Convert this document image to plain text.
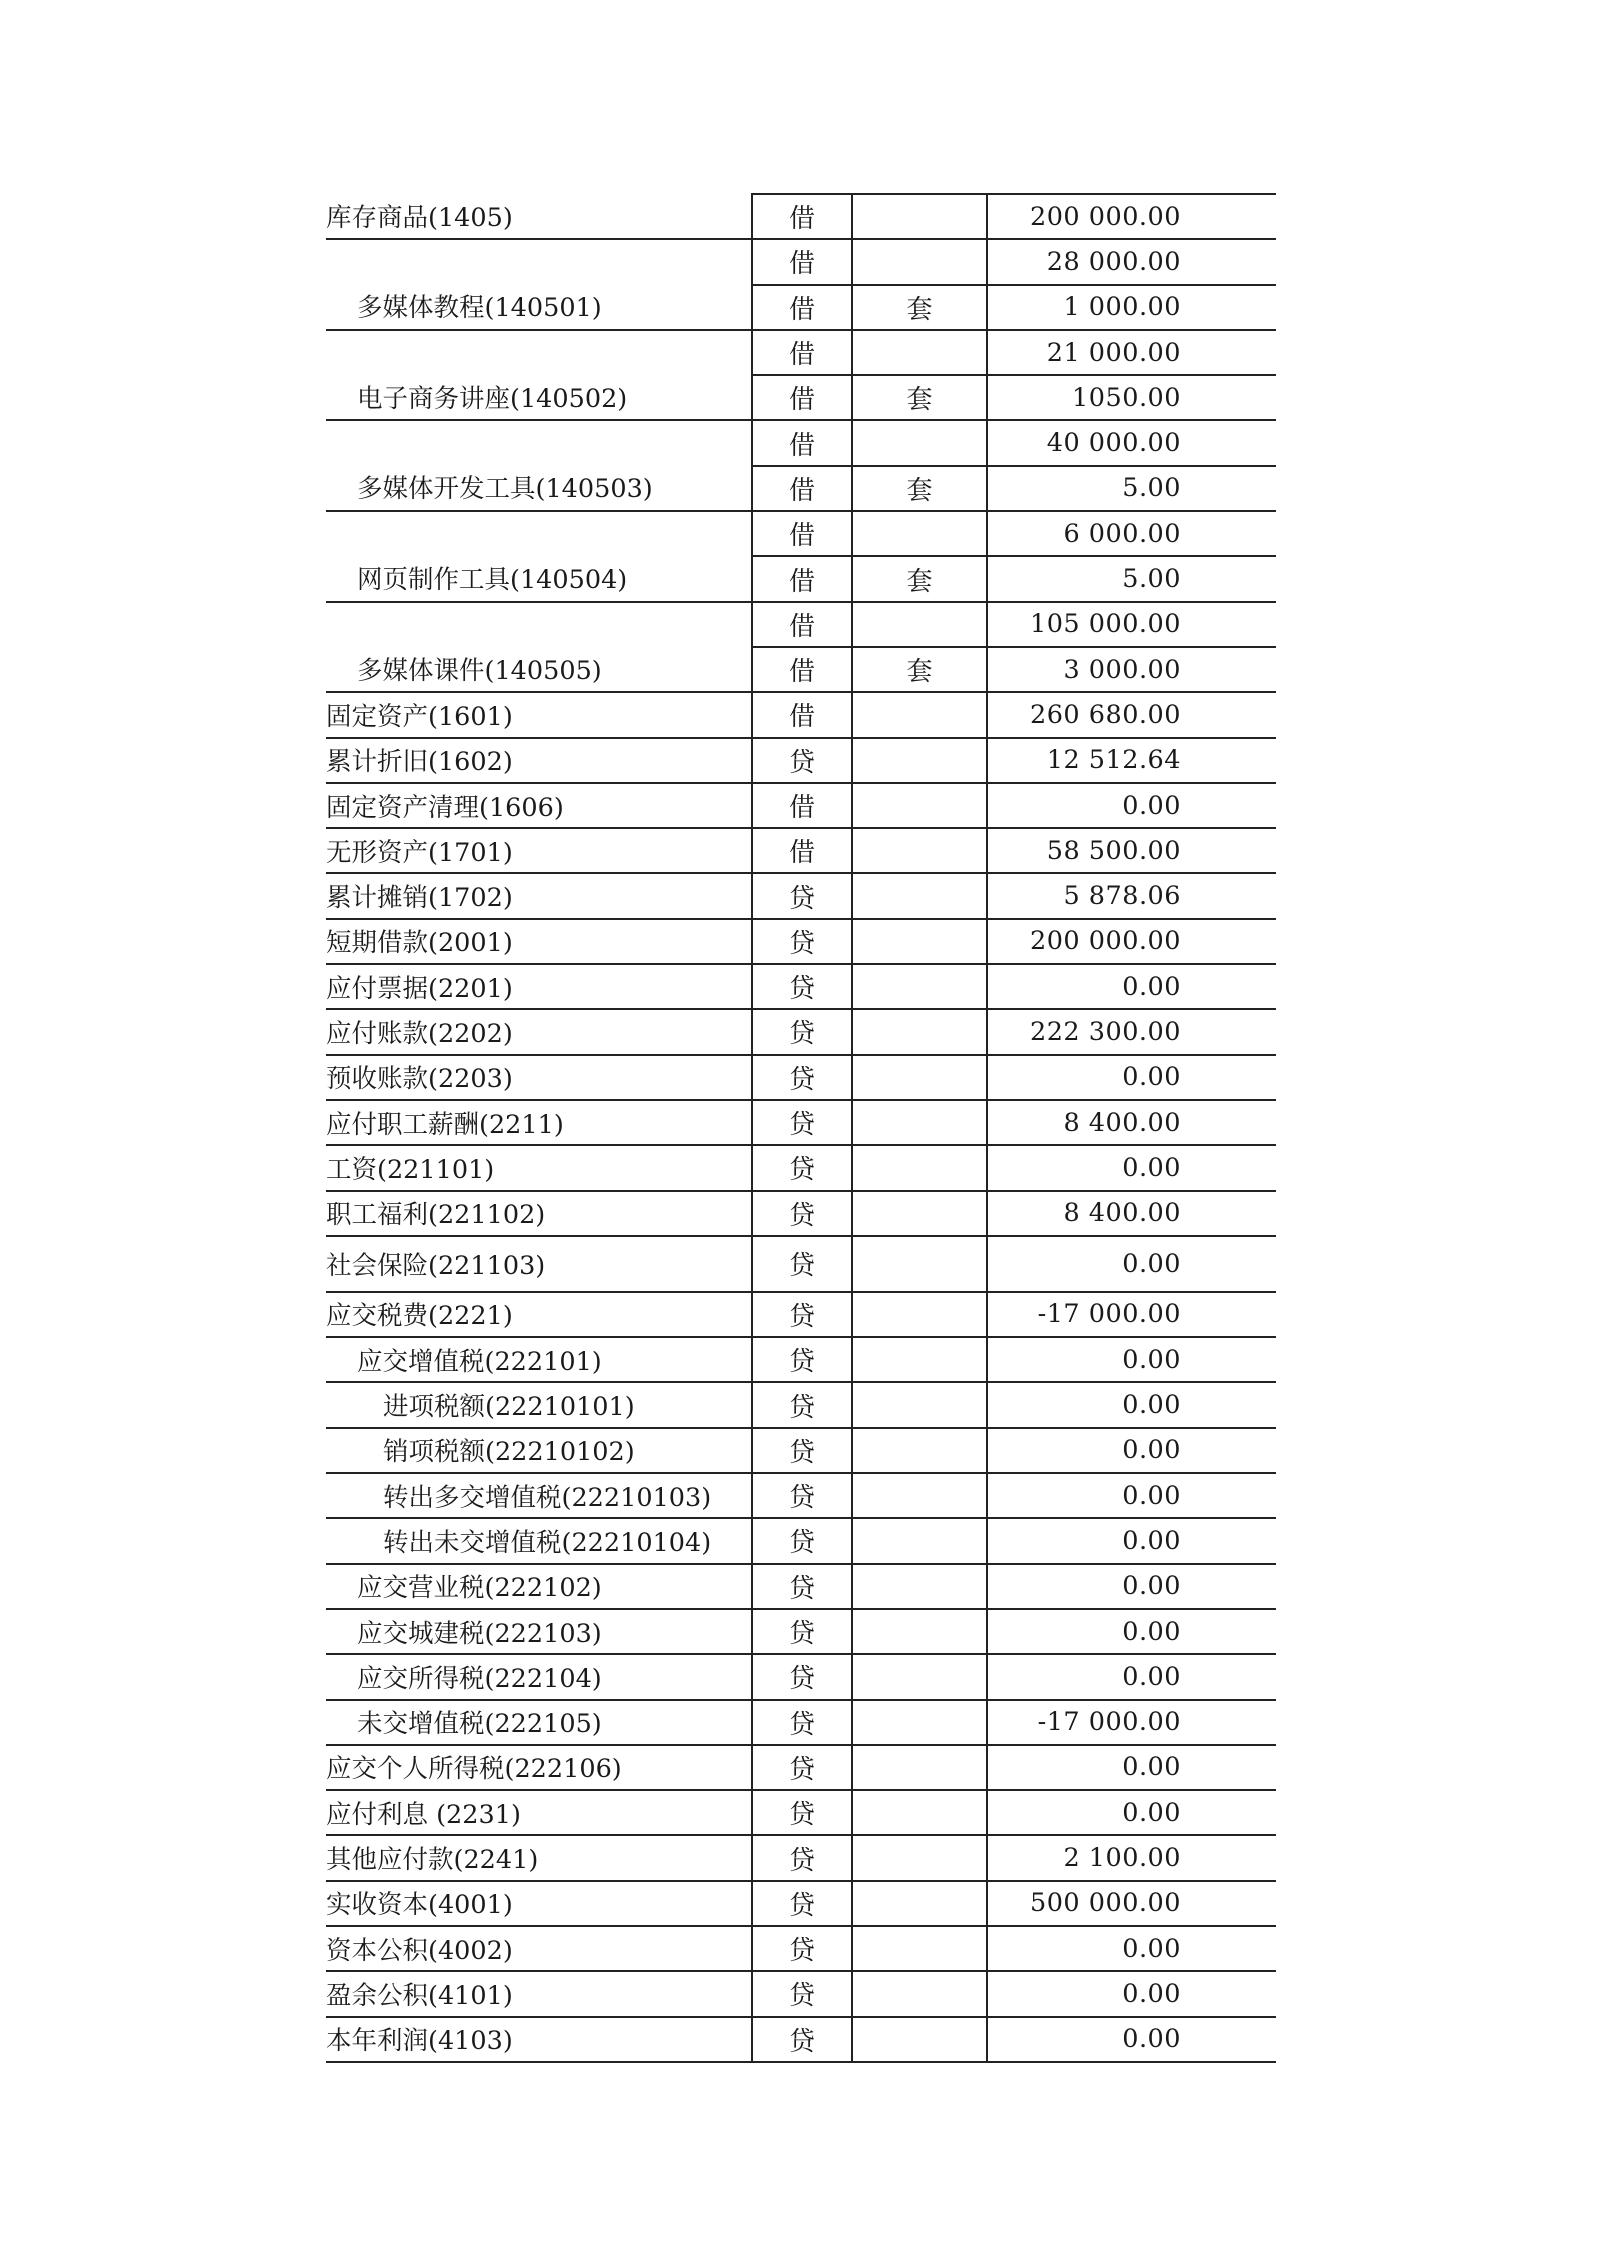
库存商品(1405)	借	200 000.00
借	28 000.00
多媒体教程(140501)	借	套	1 000.00
借	21 000.00
电子商务讲座(140502)	借	套	1050.00
借	40 000.00
多媒体开发工具(140503)	借	套	5.00
借	6 000.00
网页制作工具(140504)	借	套	5.00
借	105 000.00
多媒体课件(140505)	借	套	3 000.00
固定资产(1601)	借	260 680.00
累计折旧(1602)	贷	12 512.64
固定资产清理(1606)	借	0.00
无形资产(1701)	借	58 500.00
累计摊销(1702)	贷	5 878.06
短期借款(2001)	贷	200 000.00
应付票据(2201)	贷	0.00
应付账款(2202)	贷	222 300.00
预收账款(2203)	贷	0.00
应付职工薪酬(2211)	贷	8 400.00
工资(221101)	贷	0.00
职工福利(221102)	贷	8 400.00
社会保险(221103)	贷	0.00
应交税费(2221)	贷	-17 000.00
应交增值税(222101)	贷	0.00
进项税额(22210101)	贷	0.00
销项税额(22210102)	贷	0.00
转出多交增值税(22210103)	贷	0.00
转出未交增值税(22210104)	贷	0.00
应交营业税(222102)	贷	0.00
应交城建税(222103)	贷	0.00
应交所得税(222104)	贷	0.00
未交增值税(222105)	贷	-17 000.00
应交个人所得税(222106)	贷	0.00
应付利息 (2231)	贷	0.00
其他应付款(2241)	贷	2 100.00
实收资本(4001)	贷	500 000.00
资本公积(4002)	贷	0.00
盈余公积(4101)	贷	0.00
本年利润(4103)	贷	0.00
